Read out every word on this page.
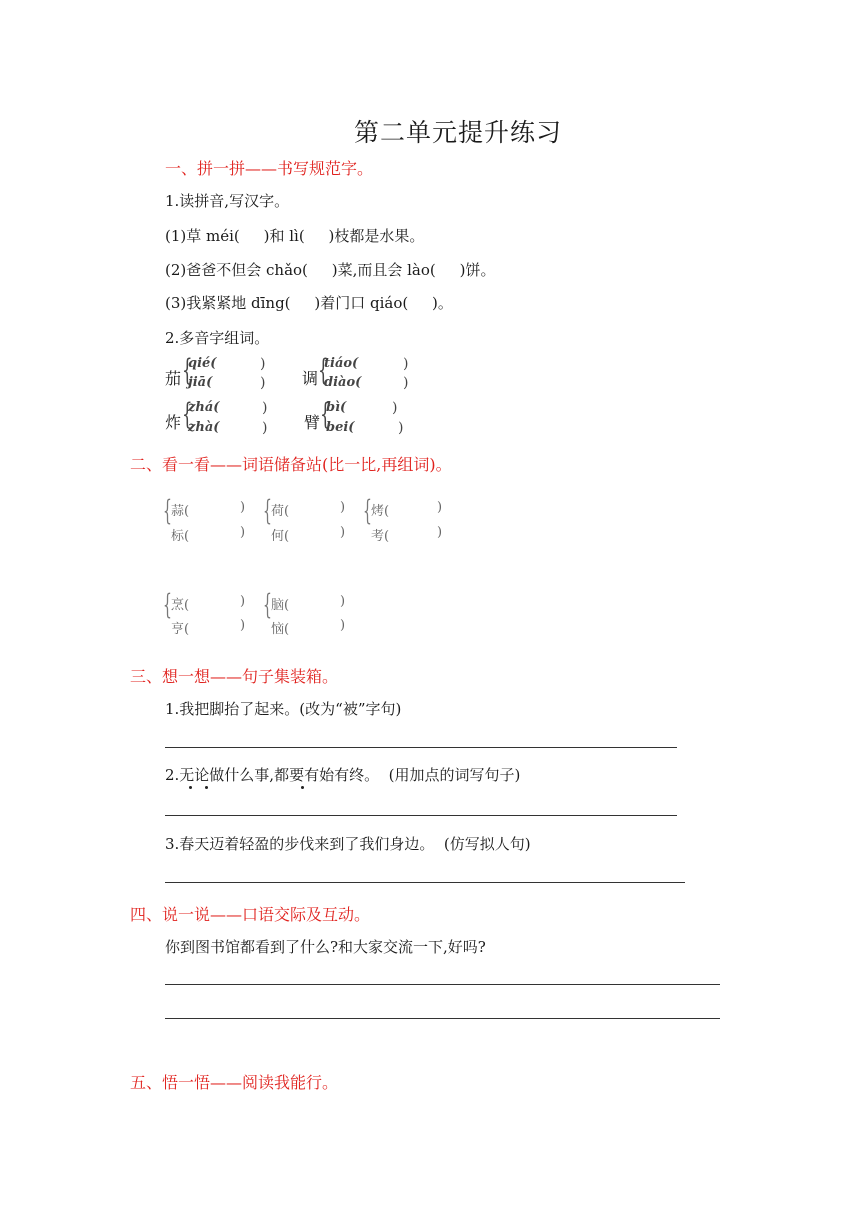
第二单元提升练习
一、拼一拼——书写规范字。
1.读拼音,写汉字。
(1)草 méi(     )和 lì(     )枝都是水果。
(2)爸爸不但会 chǎo(     )菜,而且会 lào(     )饼。
(3)我紧紧地 dīng(     )着门口 qiáo(     )。
2.多音字组词。
茄 {
qié(
jiā(
)
) 调 {
tiáo(
diào(
)
)
炸 {
zhá(
zhà(
)
) 臂 {
bì(
bei(
)
)
二、看一看——词语储备站(比一比,再组词)。
{ 蒜(
标(
)
)
{ 荷(
何(
)
)
{ 烤(
考(
)
)
{ 烹(
亨(
)
)
{ 脑(
恼(
)
)
三、想一想——句子集装箱。
1.我把脚抬了起来。(改为“被”字句)
2.无论做什么事,都要有始有终。  (用加点的词写句子)
3.春天迈着轻盈的步伐来到了我们身边。  (仿写拟人句)
四、说一说——口语交际及互动。
你到图书馆都看到了什么?和大家交流一下,好吗?
五、悟一悟——阅读我能行。
